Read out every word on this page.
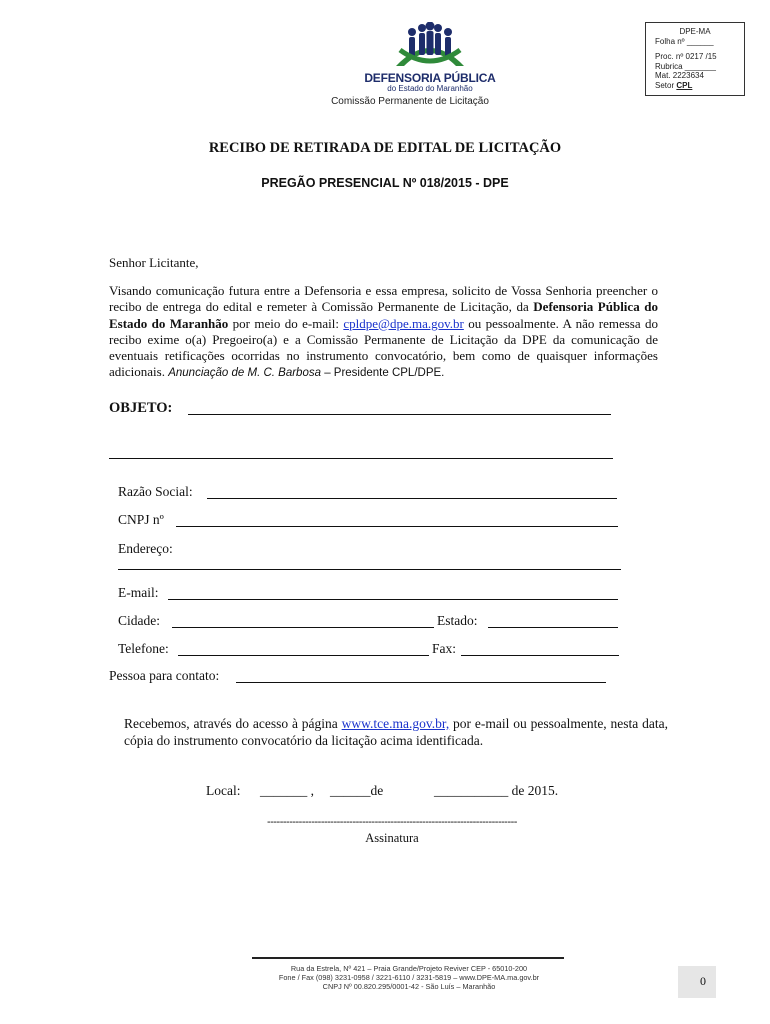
DEFENSORIA PÚBLICA
do Estado do Maranhão
Comissão Permanente de Licitação
DPE-MA
Folha nº ______
Proc. nº 0217 /15
Rubrica _______
Mat. 2223634
Setor CPL
RECIBO DE RETIRADA DE EDITAL DE LICITAÇÃO
PREGÃO PRESENCIAL Nº 018/2015 - DPE
Senhor Licitante,
Visando comunicação futura entre a Defensoria e essa empresa, solicito de Vossa Senhoria preencher o recibo de entrega do edital e remeter à Comissão Permanente de Licitação, da Defensoria Pública do Estado do Maranhão por meio do e-mail: cpldpe@dpe.ma.gov.br ou pessoalmente. A não remessa do recibo exime o(a) Pregoeiro(a) e a Comissão Permanente de Licitação da DPE da comunicação de eventuais retificações ocorridas no instrumento convocatório, bem como de quaisquer informações adicionais. Anunciação de M. C. Barbosa – Presidente CPL/DPE.
OBJETO:
Razão Social:
CNPJ nº
Endereço:
E-mail:
Cidade:	Estado:
Telefone:	Fax:
Pessoa para contato:
Recebemos, através do acesso à página www.tce.ma.gov.br, por e-mail ou pessoalmente, nesta data, cópia do instrumento convocatório da licitação acima identificada.
Local: _______ , ______de	___________ de 2015.
-------------------------------------------------------------------------------
Assinatura
Rua da Estrela, Nº 421 – Praia Grande/Projeto Reviver CEP - 65010-200
Fone / Fax (098) 3231-0958 / 3221-6110 / 3231-5819 – www.DPE-MA.ma.gov.br
CNPJ Nº 00.820.295/0001-42 - São Luís – Maranhão	0
